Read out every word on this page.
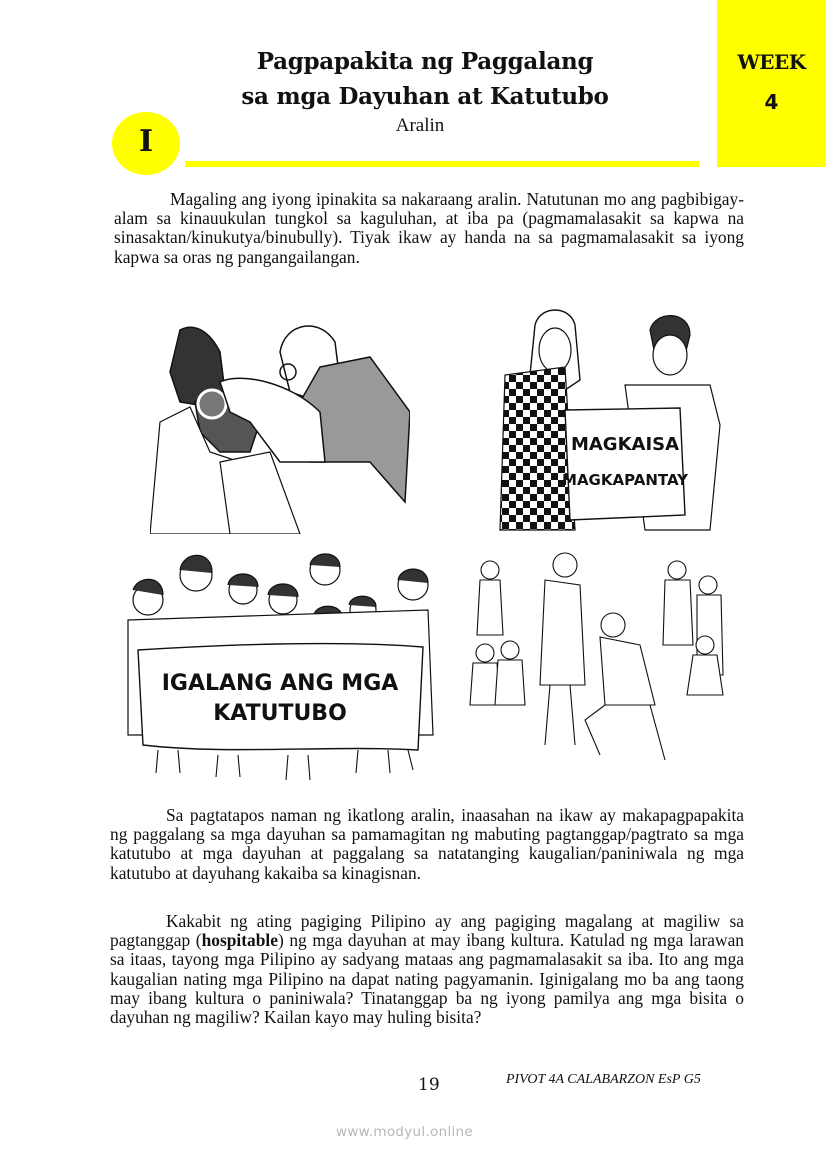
WEEK
4
Pagpapakita ng Paggalang
sa mga Dayuhan at Katutubo
Aralin
I

Magaling ang iyong ipinakita sa nakaraang aralin. Natutunan mo ang pagbibigay-alam sa kinauukulan tungkol sa kaguluhan, at iba pa (pagmamalasakit sa kapwa na sinasaktan/kinukutya/binubully). Tiyak ikaw ay handa na sa pagmamalasakit sa iyong kapwa sa oras ng pangangailangan.

MAGKAISA
MAGKAPANTAY
IGALANG ANG MGA
KATUTUBO

Sa pagtatapos naman ng ikatlong aralin, inaasahan na ikaw ay makapagpapakita ng paggalang sa mga dayuhan sa pamamagitan ng mabuting pagtanggap/pagtrato sa mga katutubo at mga dayuhan at paggalang sa natatanging kaugalian/paniniwala ng mga katutubo at dayuhang kakaiba sa kinagisnan.

Kakabit ng ating pagiging Pilipino ay ang pagiging magalang at magiliw sa pagtanggap (hospitable) ng mga dayuhan at may ibang kultura. Katulad ng mga larawan sa itaas, tayong mga Pilipino ay sadyang mataas ang pagmamalasakit sa iba. Ito ang mga kaugalian nating mga Pilipino na dapat nating pagyamanin. Iginigalang mo ba ang taong may ibang kultura o paniniwala? Tinatanggap ba ng iyong pamilya ang mga bisita o dayuhan ng magiliw? Kailan kayo may huling bisita?

19	PIVOT 4A CALABARZON EsP G5
www.modyul.online
